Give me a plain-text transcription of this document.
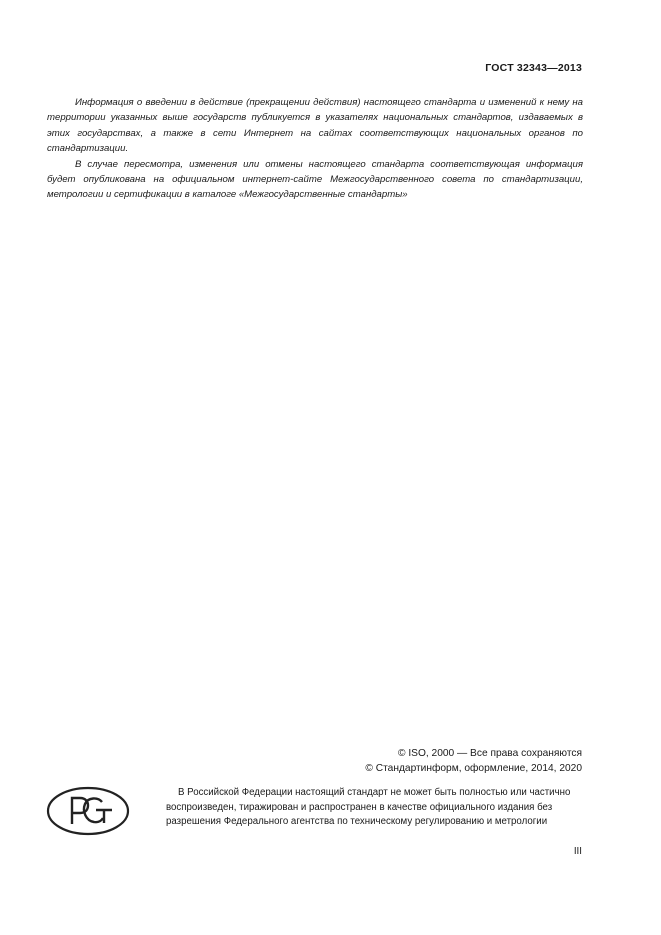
ГОСТ 32343—2013

Информация о введении в действие (прекращении действия) настоящего стандарта и изменений к нему на территории указанных выше государств публикуется в указателях национальных стандартов, издаваемых в этих государствах, а также в сети Интернет на сайтах соответствующих национальных органов по стандартизации.

В случае пересмотра, изменения или отмены настоящего стандарта соответствующая информация будет опубликована на официальном интернет-сайте Межгосударственного совета по стандартизации, метрологии и сертификации в каталоге «Межгосударственные стандарты»

© ISO, 2000 — Все права сохраняются
© Стандартинформ, оформление, 2014, 2020

В Российской Федерации настоящий стандарт не может быть полностью или частично воспроизведен, тиражирован и распространен в качестве официального издания без разрешения Федерального агентства по техническому регулированию и метрологии

III
